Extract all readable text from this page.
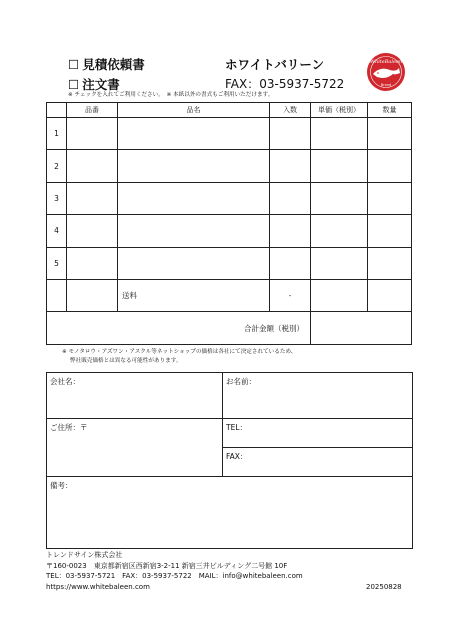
☐ 見積依頼書
☐ 注文書
ホワイトバリーン
FAX：03-5937-5722
WhiteBaleen
Brand
※ チェックを入れてご利用ください。　※ 本紙以外の書式もご利用いただけます。
	品番	品名	入数	単価（税別）	数量
1					
2					
3					
4					
5					
		送料	-		
合計金額（税別）					
※ モノタロウ・アズワン・アスクル等ネットショップの価格は各社にて決定されているため、
弊社販売価格とは異なる可能性があります。
会社名：	お名前：
ご住所：〒	TEL：
	FAX：
備考：	
トレンドサイン株式会社
〒160-0023　東京都新宿区西新宿3-2-11 新宿三井ビルディング二号館 10F
TEL：03-5937-5721　FAX：03-5937-5722　MAIL：info@whitebaleen.com
https://www.whitebaleen.com	20250828
